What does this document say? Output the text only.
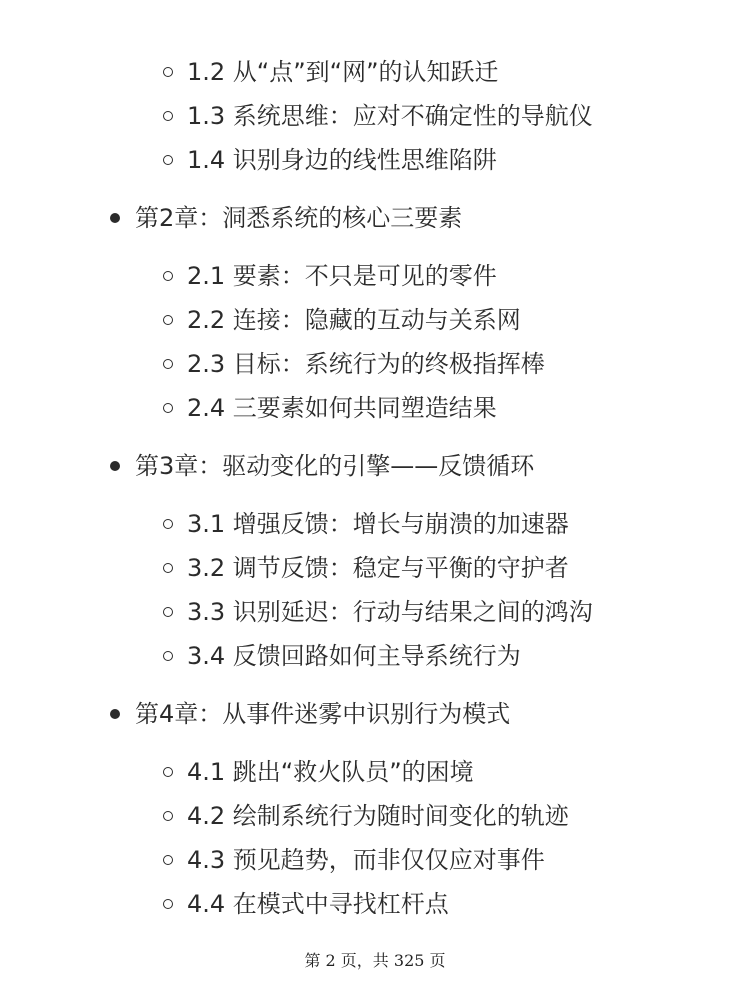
1.2 从“点”到“网”的认知跃迁
1.3 系统思维：应对不确定性的导航仪
1.4 识别身边的线性思维陷阱
第2章：洞悉系统的核心三要素
2.1 要素：不只是可见的零件
2.2 连接：隐藏的互动与关系网
2.3 目标：系统行为的终极指挥棒
2.4 三要素如何共同塑造结果
第3章：驱动变化的引擎——反馈循环
3.1 增强反馈：增长与崩溃的加速器
3.2 调节反馈：稳定与平衡的守护者
3.3 识别延迟：行动与结果之间的鸿沟
3.4 反馈回路如何主导系统行为
第4章：从事件迷雾中识别行为模式
4.1 跳出“救火队员”的困境
4.2 绘制系统行为随时间变化的轨迹
4.3 预见趋势，而非仅仅应对事件
4.4 在模式中寻找杠杆点
第 2 页，共 325 页
